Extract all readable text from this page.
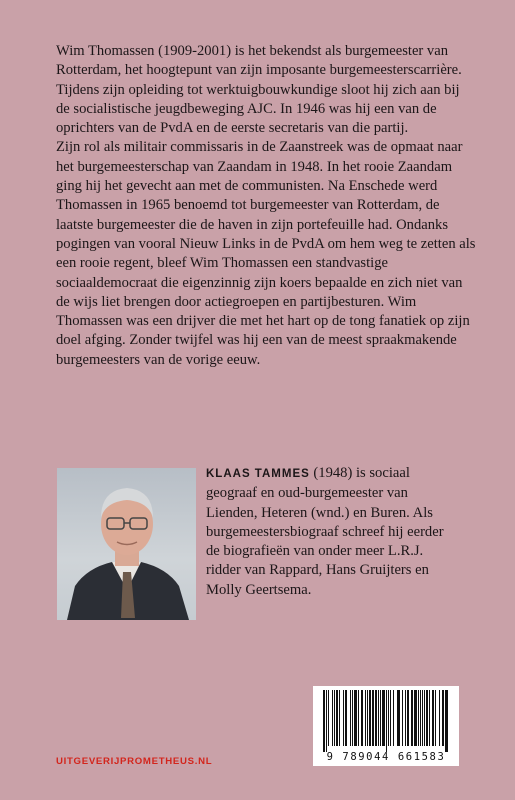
Wim Thomassen (1909-2001) is het bekendst als burgemeester van Rotterdam, het hoogtepunt van zijn imposante burgemeesterscarrière. Tijdens zijn opleiding tot werktuigbouwkundige sloot hij zich aan bij de socialistische jeugdbeweging AJC. In 1946 was hij een van de oprichters van de PvdA en de eerste secretaris van die partij.

Zijn rol als militair commissaris in de Zaanstreek was de opmaat naar het burgemeesterschap van Zaandam in 1948. In het rooie Zaandam ging hij het gevecht aan met de communisten. Na Enschede werd Thomassen in 1965 benoemd tot burgemeester van Rotterdam, de laatste burgemeester die de haven in zijn portefeuille had. Ondanks pogingen van vooral Nieuw Links in de PvdA om hem weg te zetten als een rooie regent, bleef Wim Thomassen een standvastige sociaaldemocraat die eigenzinnig zijn koers bepaalde en zich niet van de wijs liet brengen door actiegroepen en partijbesturen. Wim Thomassen was een drijver die met het hart op de tong fanatiek op zijn doel afging. Zonder twijfel was hij een van de meest spraakmakende burgemeesters van de vorige eeuw.

KLAAS TAMMES (1948) is sociaal geograaf en oud-burgemeester van Lienden, Heteren (wnd.) en Buren. Als burgemeestersbiograaf schreef hij eerder de biografieën van onder meer L.R.J. ridder van Rappard, Hans Gruijters en Molly Geertsema.
9 789044 661583
UITGEVERIJPROMETHEUS.NL
